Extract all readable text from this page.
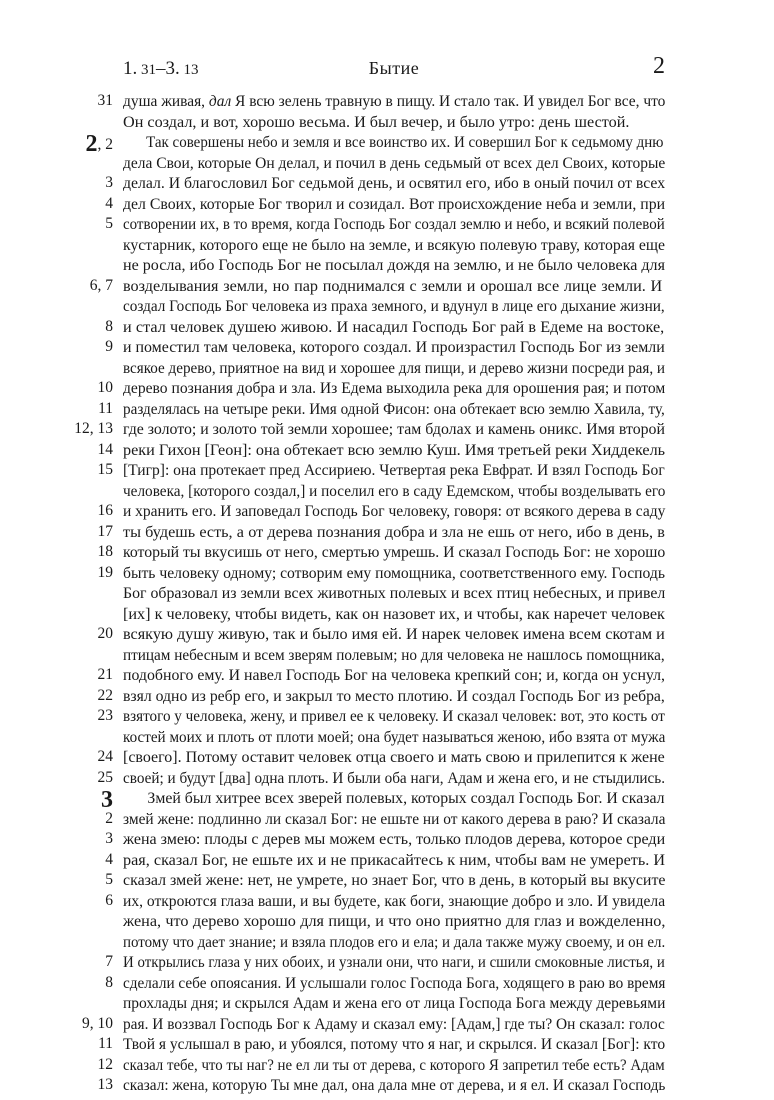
1. 31–3. 13	Бытие	2
31 душа живая, дал Я всю зелень травную в пищу. И стало так. И увидел Бог все, что
Он создал, и вот, хорошо весьма. И был вечер, и было утро: день шестой.
2, 2	Так совершены небо и земля и все воинство их. И совершил Бог к седьмому дню
дела Свои, которые Он делал, и почил в день седьмый от всех дел Своих, которые
3 делал. И благословил Бог седьмой день, и освятил его, ибо в оный почил от всех
4 дел Своих, которые Бог творил и созидал. Вот происхождение неба и земли, при
5 сотворении их, в то время, когда Господь Бог создал землю и небо, и всякий полевой
кустарник, которого еще не было на земле, и всякую полевую траву, которая еще
не росла, ибо Господь Бог не посылал дождя на землю, и не было человека для
6, 7 возделывания земли, но пар поднимался с земли и орошал все лице земли. И
создал Господь Бог человека из праха земного, и вдунул в лице его дыхание жизни,
8 и стал человек душею живою. И насадил Господь Бог рай в Едеме на востоке,
9 и поместил там человека, которого создал. И произрастил Господь Бог из земли
всякое дерево, приятное на вид и хорошее для пищи, и дерево жизни посреди рая, и
10 дерево познания добра и зла. Из Едема выходила река для орошения рая; и потом
11 разделялась на четыре реки. Имя одной Фисон: она обтекает всю землю Хавила, ту,
12, 13 где золото; и золото той земли хорошее; там бдолах и камень оникс. Имя второй
14 реки Гихон [Геон]: она обтекает всю землю Куш. Имя третьей реки Хиддекель
15 [Тигр]: она протекает пред Ассириею. Четвертая река Евфрат. И взял Господь Бог
человека, [которого создал,] и поселил его в саду Едемском, чтобы возделывать его
16 и хранить его. И заповедал Господь Бог человеку, говоря: от всякого дерева в саду
17 ты будешь есть, а от дерева познания добра и зла не ешь от него, ибо в день, в
18 который ты вкусишь от него, смертью умрешь. И сказал Господь Бог: не хорошо
19 быть человеку одному; сотворим ему помощника, соответственного ему. Господь
Бог образовал из земли всех животных полевых и всех птиц небесных, и привел
[их] к человеку, чтобы видеть, как он назовет их, и чтобы, как наречет человек
20 всякую душу живую, так и было имя ей. И нарек человек имена всем скотам и
птицам небесным и всем зверям полевым; но для человека не нашлось помощника,
21 подобного ему. И навел Господь Бог на человека крепкий сон; и, когда он уснул,
22 взял одно из ребр его, и закрыл то место плотию. И создал Господь Бог из ребра,
23 взятого у человека, жену, и привел ее к человеку. И сказал человек: вот, это кость от
костей моих и плоть от плоти моей; она будет называться женою, ибо взята от мужа
24 [своего]. Потому оставит человек отца своего и мать свою и прилепится к жене
25 своей; и будут [два] одна плоть. И были оба наги, Адам и жена его, и не стыдились.
3	Змей был хитрее всех зверей полевых, которых создал Господь Бог. И сказал
2 змей жене: подлинно ли сказал Бог: не ешьте ни от какого дерева в раю? И сказала
3 жена змею: плоды с дерев мы можем есть, только плодов дерева, которое среди
4 рая, сказал Бог, не ешьте их и не прикасайтесь к ним, чтобы вам не умереть. И
5 сказал змей жене: нет, не умрете, но знает Бог, что в день, в который вы вкусите
6 их, откроются глаза ваши, и вы будете, как боги, знающие добро и зло. И увидела
жена, что дерево хорошо для пищи, и что оно приятно для глаз и вожделенно,
потому что дает знание; и взяла плодов его и ела; и дала также мужу своему, и он ел.
7 И открылись глаза у них обоих, и узнали они, что наги, и сшили смоковные листья, и
8 сделали себе опоясания. И услышали голос Господа Бога, ходящего в раю во время
прохлады дня; и скрылся Адам и жена его от лица Господа Бога между деревьями
9, 10 рая. И воззвал Господь Бог к Адаму и сказал ему: [Адам,] где ты? Он сказал: голос
11 Твой я услышал в раю, и убоялся, потому что я наг, и скрылся. И сказал [Бог]: кто
12 сказал тебе, что ты наг? не ел ли ты от дерева, с которого Я запретил тебе есть? Адам
13 сказал: жена, которую Ты мне дал, она дала мне от дерева, и я ел. И сказал Господь
